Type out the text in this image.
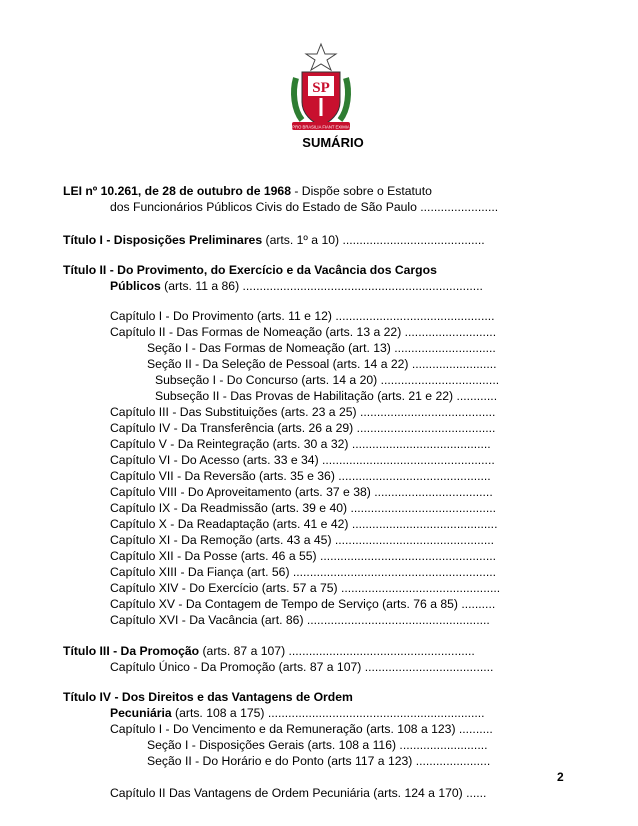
SP
PRO BRASILIA FIANT EXIMIA
SUMÁRIO
LEI nº 10.261, de 28 de outubro de 1968 - Dispõe sobre o Estatuto
dos Funcionários Públicos Civis do Estado de São Paulo .......................
Título I - Disposições Preliminares (arts. 1º a 10) ..........................................
Título II - Do Provimento, do Exercício e da Vacância dos Cargos
Públicos (arts. 11 a 86) .......................................................................
Capítulo I - Do Provimento (arts. 11 e 12) ...............................................
Capítulo II - Das Formas de Nomeação (arts. 13 a 22) ...........................
Seção I - Das Formas de Nomeação (art. 13) ..............................
Seção II - Da Seleção de Pessoal (arts. 14 a 22) .........................
Subseção I - Do Concurso (arts. 14 a 20) ...................................
Subseção II - Das Provas de Habilitação (arts. 21 e 22) ............
Capítulo III - Das Substituições (arts. 23 a 25) ........................................
Capítulo IV - Da Transferência (arts. 26 a 29) .........................................
Capítulo V - Da Reintegração (arts. 30 a 32) .........................................
Capítulo VI - Do Acesso (arts. 33 e 34) ...................................................
Capítulo VII - Da Reversão (arts. 35 e 36) .............................................
Capítulo VIII - Do Aproveitamento (arts. 37 e 38) ...................................
Capítulo IX - Da Readmissão (arts. 39 e 40) ...........................................
Capítulo X - Da Readaptação (arts. 41 e 42) ...........................................
Capítulo XI - Da Remoção (arts. 43 a 45) ...............................................
Capítulo XII - Da Posse (arts. 46 a 55) ....................................................
Capítulo XIII - Da Fiança (art. 56) ............................................................
Capítulo XIV - Do Exercício (arts. 57 a 75) ...............................................
Capítulo XV - Da Contagem de Tempo de Serviço (arts. 76 a 85) ..........
Capítulo XVI - Da Vacância (art. 86) ......................................................
Título III - Da Promoção (arts. 87 a 107) .......................................................
Capítulo Único - Da Promoção (arts. 87 a 107) ......................................
Título IV - Dos Direitos e das Vantagens de Ordem
Pecuniária (arts. 108 a 175) ................................................................
Capítulo I - Do Vencimento e da Remuneração (arts. 108 a 123) ..........
Seção I - Disposições Gerais (arts. 108 a 116) ..........................
Seção II - Do Horário e do Ponto (arts 117 a 123) ......................
Capítulo II Das Vantagens de Ordem Pecuniária (arts. 124 a 170) ......
2
